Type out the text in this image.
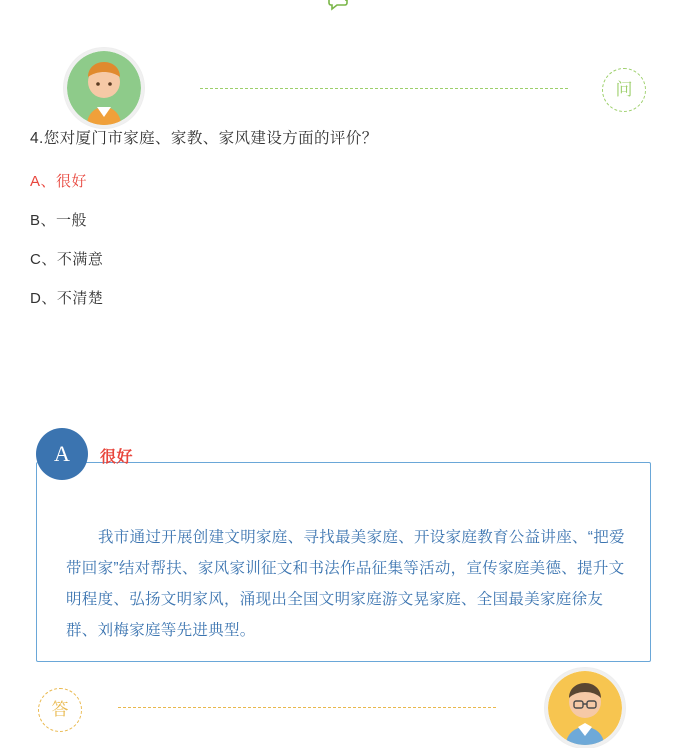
问
4.您对厦门市家庭、家教、家风建设方面的评价？
A、很好
B、一般
C、不满意
D、不清楚
答
A	很好
我市通过开展创建文明家庭、寻找最美家庭、开设家庭教育公益讲座、“把爱带回家”结对帮扶、家风家训征文和书法作品征集等活动，宣传家庭美德、提升文明程度、弘扬文明家风，涌现出全国文明家庭游文晃家庭、全国最美家庭徐友群、刘梅家庭等先进典型。
